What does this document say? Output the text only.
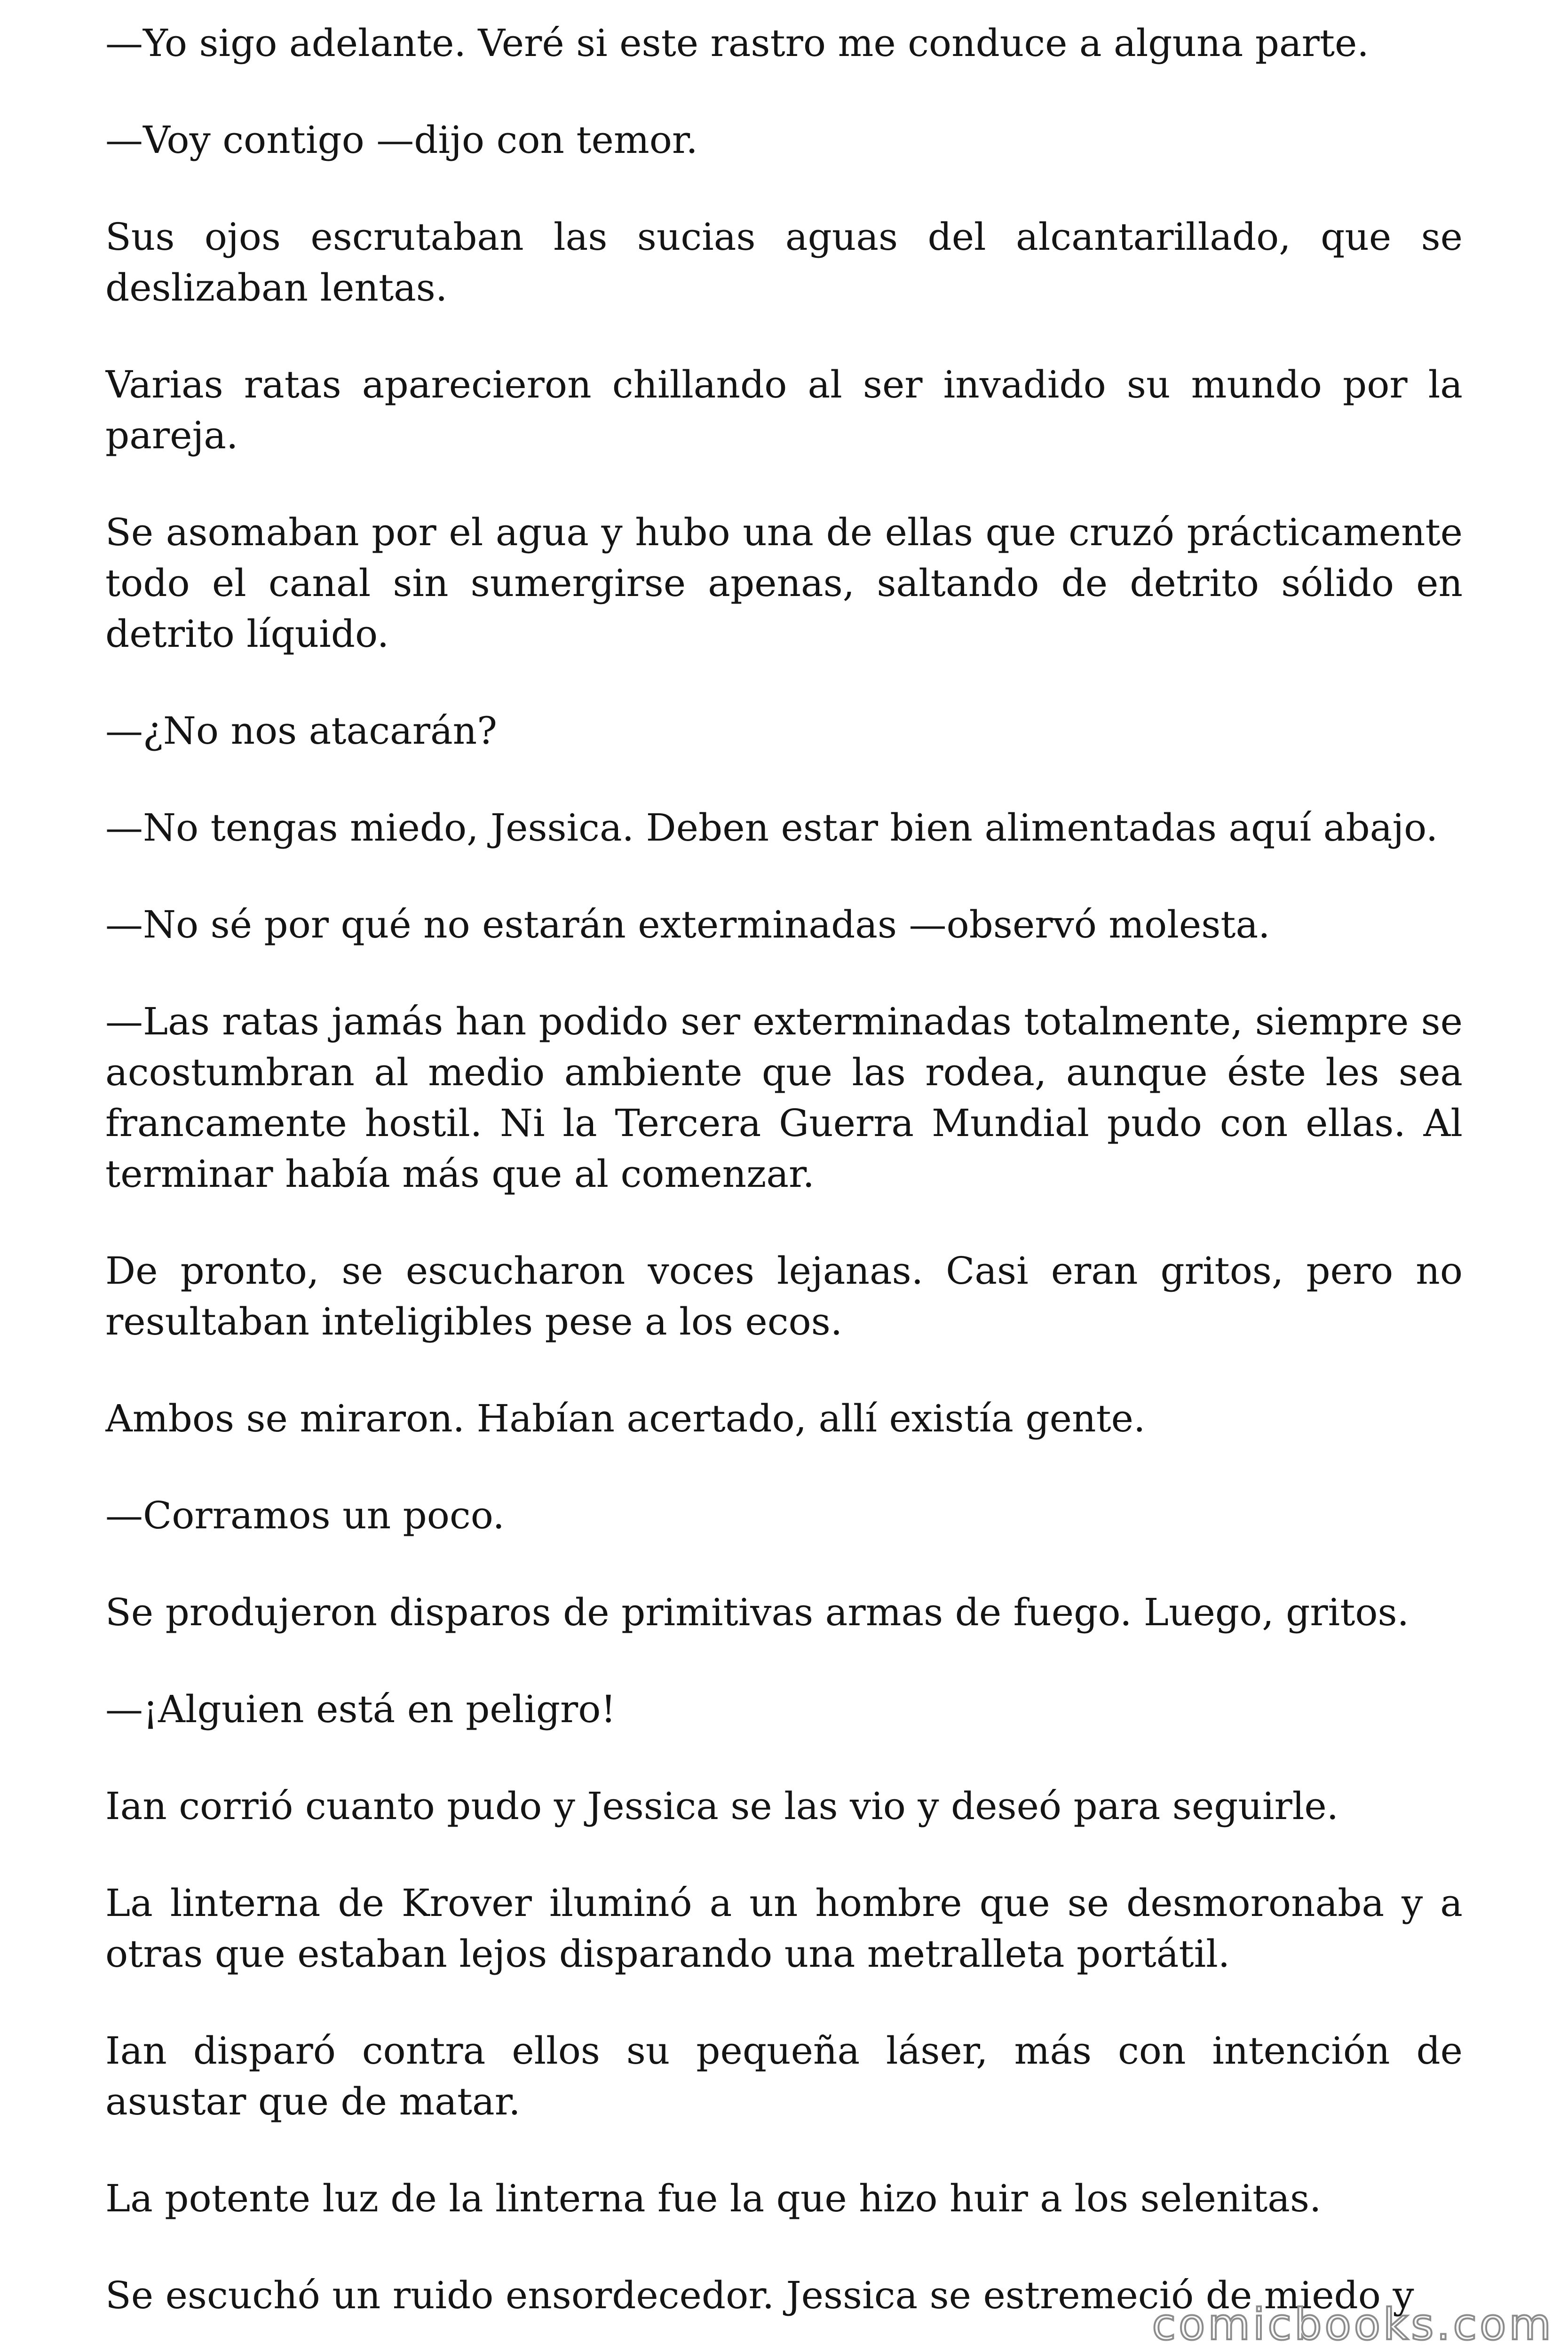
—Yo sigo adelante. Veré si este rastro me conduce a alguna parte.

—Voy contigo —dijo con temor.

Sus ojos escrutaban las sucias aguas del alcantarillado, que se deslizaban lentas.

Varias ratas aparecieron chillando al ser invadido su mundo por la pareja.

Se asomaban por el agua y hubo una de ellas que cruzó prácticamente todo el canal sin sumergirse apenas, saltando de detrito sólido en detrito líquido.

—¿No nos atacarán?

—No tengas miedo, Jessica. Deben estar bien alimentadas aquí abajo.

—No sé por qué no estarán exterminadas —observó molesta.

—Las ratas jamás han podido ser exterminadas totalmente, siempre se acostumbran al medio ambiente que las rodea, aunque éste les sea francamente hostil. Ni la Tercera Guerra Mundial pudo con ellas. Al terminar había más que al comenzar.

De pronto, se escucharon voces lejanas. Casi eran gritos, pero no resultaban inteligibles pese a los ecos.

Ambos se miraron. Habían acertado, allí existía gente.

—Corramos un poco.

Se produjeron disparos de primitivas armas de fuego. Luego, gritos.

—¡Alguien está en peligro!

Ian corrió cuanto pudo y Jessica se las vio y deseó para seguirle.

La linterna de Krover iluminó a un hombre que se desmoronaba y a otras que estaban lejos disparando una metralleta portátil.

Ian disparó contra ellos su pequeña láser, más con intención de asustar que de matar.

La potente luz de la linterna fue la que hizo huir a los selenitas.

Se escuchó un ruido ensordecedor. Jessica se estremeció de miedo y

comicbooks.com
